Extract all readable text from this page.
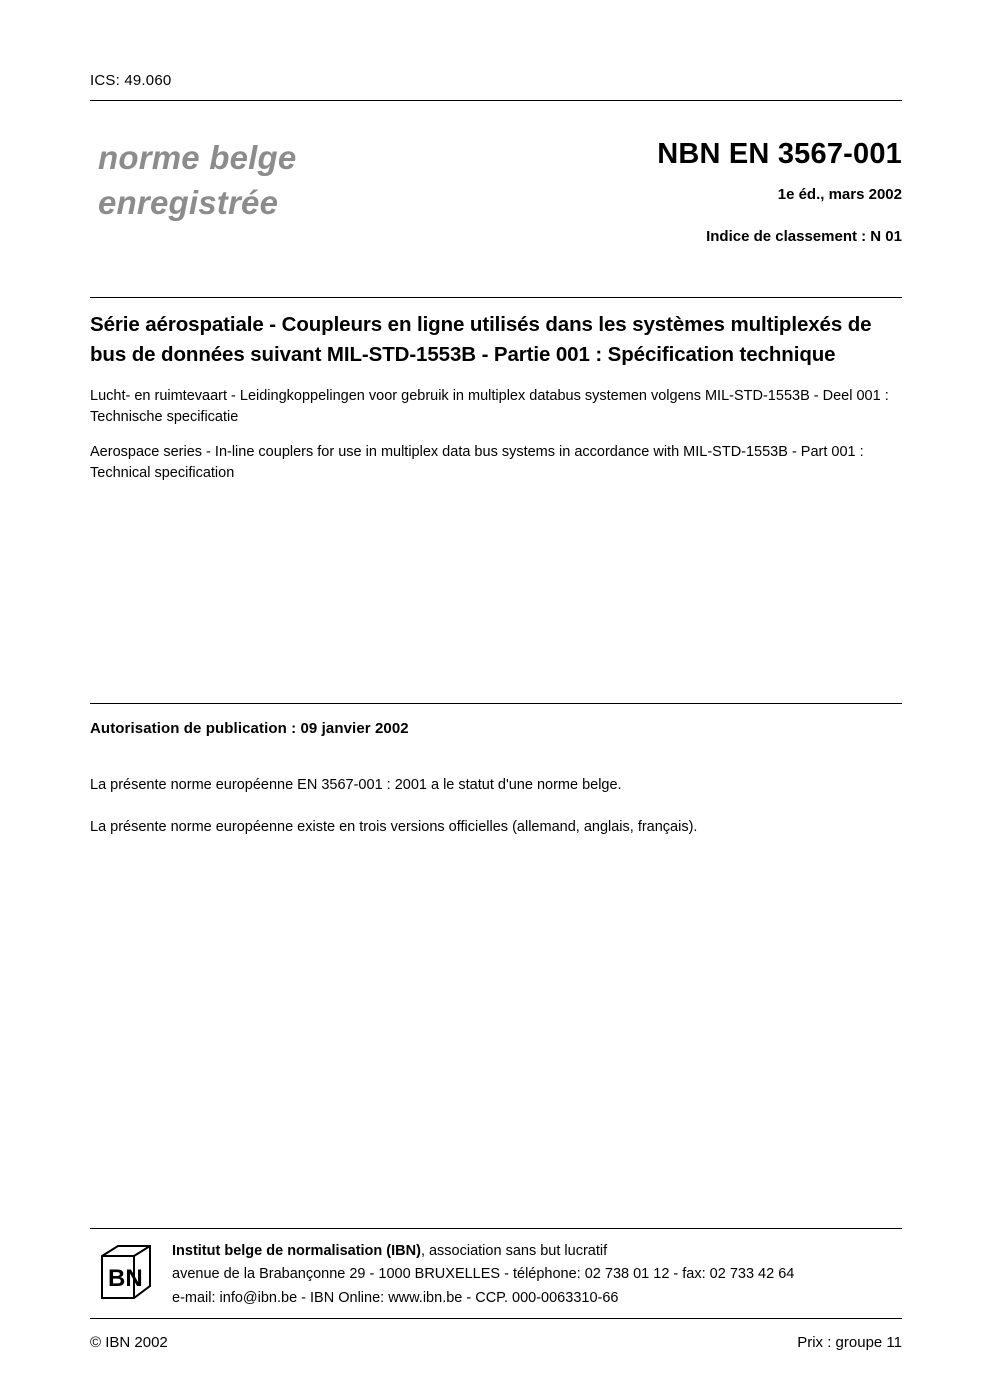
ICS: 49.060
norme belge
enregistrée
NBN EN 3567-001
1e éd., mars 2002
Indice de classement : N 01
Série aérospatiale - Coupleurs en ligne utilisés dans les systèmes multiplexés de bus de données suivant MIL-STD-1553B - Partie 001 : Spécification technique
Lucht- en ruimtevaart - Leidingkoppelingen voor gebruik in multiplex databus systemen volgens MIL-STD-1553B - Deel 001 : Technische specificatie
Aerospace series - In-line couplers for use in multiplex data bus systems in accordance with MIL-STD-1553B - Part 001 : Technical specification
Autorisation de publication : 09 janvier 2002
La présente norme européenne EN 3567-001 : 2001 a le statut d'une norme belge.
La présente norme européenne existe en trois versions officielles (allemand, anglais, français).
BN
Institut belge de normalisation (IBN), association sans but lucratif
avenue de la Brabançonne 29 - 1000 BRUXELLES - téléphone: 02 738 01 12 - fax: 02 733 42 64
e-mail: info@ibn.be - IBN Online: www.ibn.be - CCP. 000-0063310-66
© IBN 2002	Prix : groupe 11
